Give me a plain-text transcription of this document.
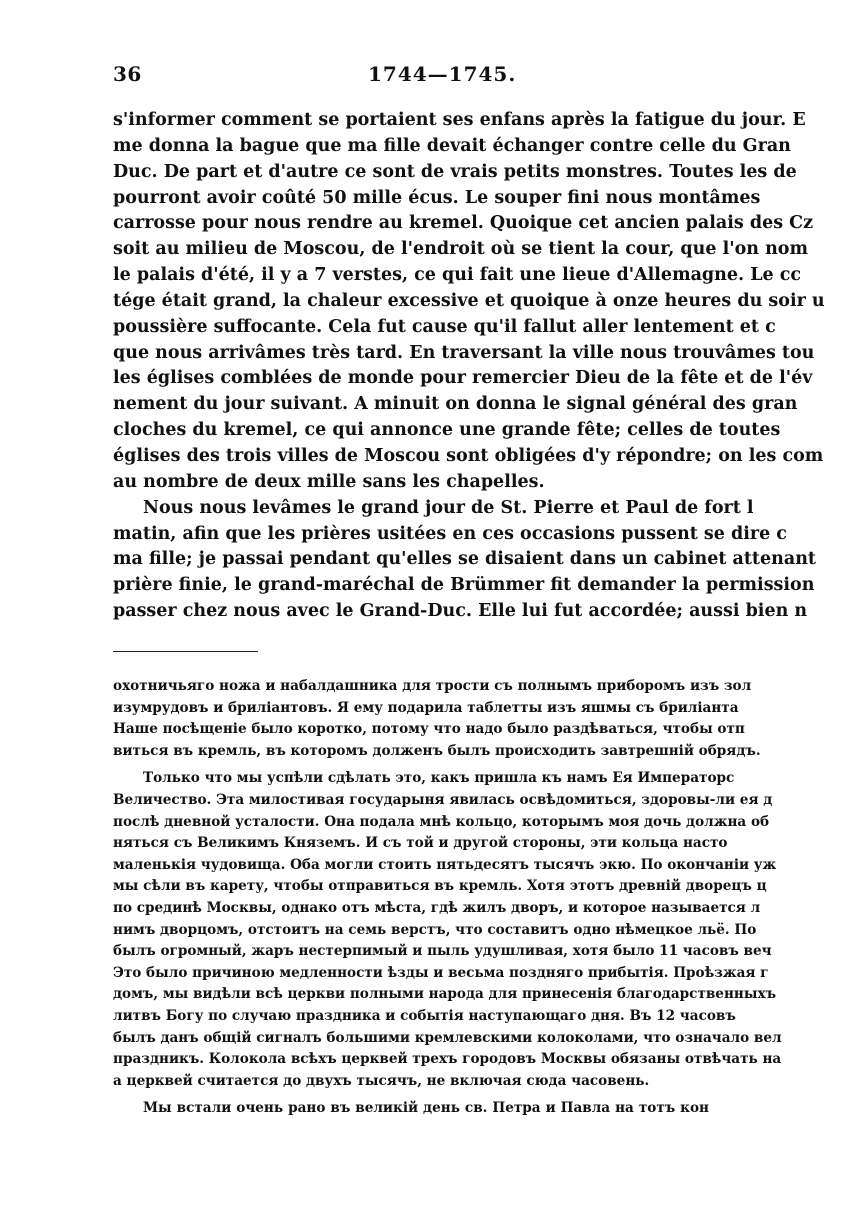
36	1744—1745.
s'informer comment se portaient ses enfans après la fatigue du jour. E
me donna la bague que ma fille devait échanger contre celle du Gran
Duc. De part et d'autre ce sont de vrais petits monstres. Toutes les de
pourront avoir coûté 50 mille écus. Le souper fini nous montâmes
carrosse pour nous rendre au kremel. Quoique cet ancien palais des Cz
soit au milieu de Moscou, de l'endroit où se tient la cour, que l'on nom
le palais d'été, il y a 7 verstes, ce qui fait une lieue d'Allemagne. Le cc
tége était grand, la chaleur excessive et quoique à onze heures du soir u
poussière suffocante. Cela fut cause qu'il fallut aller lentement et c
que nous arrivâmes très tard. En traversant la ville nous trouvâmes tou
les églises comblées de monde pour remercier Dieu de la fête et de l'év
nement du jour suivant. A minuit on donna le signal général des gran
cloches du kremel, ce qui annonce une grande fête; celles de toutes
églises des trois villes de Moscou sont obligées d'y répondre; on les com
au nombre de deux mille sans les chapelles.
Nous nous levâmes le grand jour de St. Pierre et Paul de fort l
matin, afin que les prières usitées en ces occasions pussent se dire c
ma fille; je passai pendant qu'elles se disaient dans un cabinet attenant
prière finie, le grand-maréchal de Brümmer fit demander la permission
passer chez nous avec le Grand-Duc. Elle lui fut accordée; aussi bien n
охотничьяго ножа и набалдашника для трости съ полнымъ приборомъ изъ зол
изумрудовъ и бриліантовъ. Я ему подарила таблетты изъ яшмы съ бриліанта
Наше посѣщеніе было коротко, потому что надо было раздѣваться, чтобы отп
виться въ кремль, въ которомъ долженъ былъ происходить завтрешній обрядъ.
Только что мы успѣли сдѣлать это, какъ пришла къ намъ Ея Императорс
Величество. Эта милостивая государыня явилась освѣдомиться, здоровы-ли ея д
послѣ дневной усталости. Она подала мнѣ кольцо, которымъ моя дочь должна об
няться съ Великимъ Княземъ. И съ той и другой стороны, эти кольца насто
маленькія чудовища. Оба могли стоить пятьдесятъ тысячъ экю. По окончаніи уж
мы сѣли въ карету, чтобы отправиться въ кремль. Хотя этотъ древній дворецъ ц
по срединѣ Москвы, однако отъ мѣста, гдѣ жилъ дворъ, и которое называется л
нимъ дворцомъ, отстоитъ на семь верстъ, что составитъ одно нѣмецкое льё. По
былъ огромный, жаръ нестерпимый и пыль удушливая, хотя было 11 часовъ веч
Это было причиною медленности ѣзды и весьма поздняго прибытія. Проѣзжая г
домъ, мы видѣли всѣ церкви полными народа для принесенія благодарственныхъ
литвъ Богу по случаю праздника и событія наступающаго дня. Въ 12 часовъ
былъ данъ общій сигналъ большими кремлевскими колоколами, что означало вел
праздникъ. Колокола всѣхъ церквей трехъ городовъ Москвы обязаны отвѣчать на
а церквей считается до двухъ тысячъ, не включая сюда часовень.
Мы встали очень рано въ великій день св. Петра и Павла на тотъ кон
